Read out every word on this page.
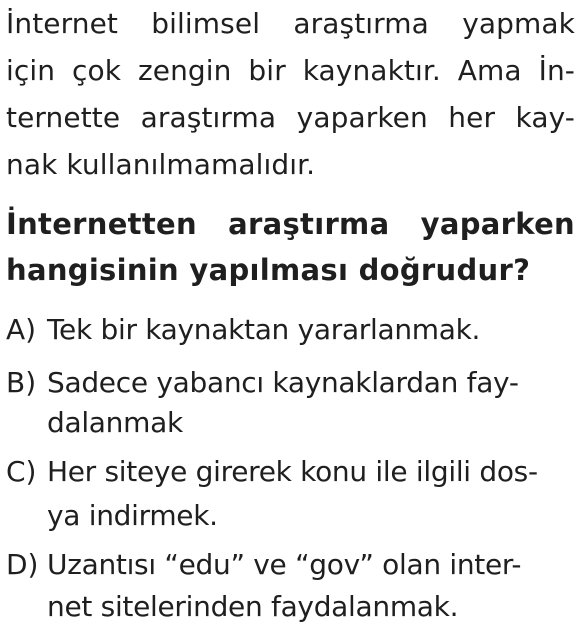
İnternet bilimsel araştırma yapmak
için çok zengin bir kaynaktır. Ama İn-
ternette araştırma yaparken her kay-
nak kullanılmamalıdır.
İnternetten araştırma yaparken
hangisinin yapılması doğrudur?
A) Tek bir kaynaktan yararlanmak.
B) Sadece yabancı kaynaklardan fay-
dalanmak
C) Her siteye girerek konu ile ilgili dos-
ya indirmek.
D) Uzantısı “edu” ve “gov” olan inter-
net sitelerinden faydalanmak.
